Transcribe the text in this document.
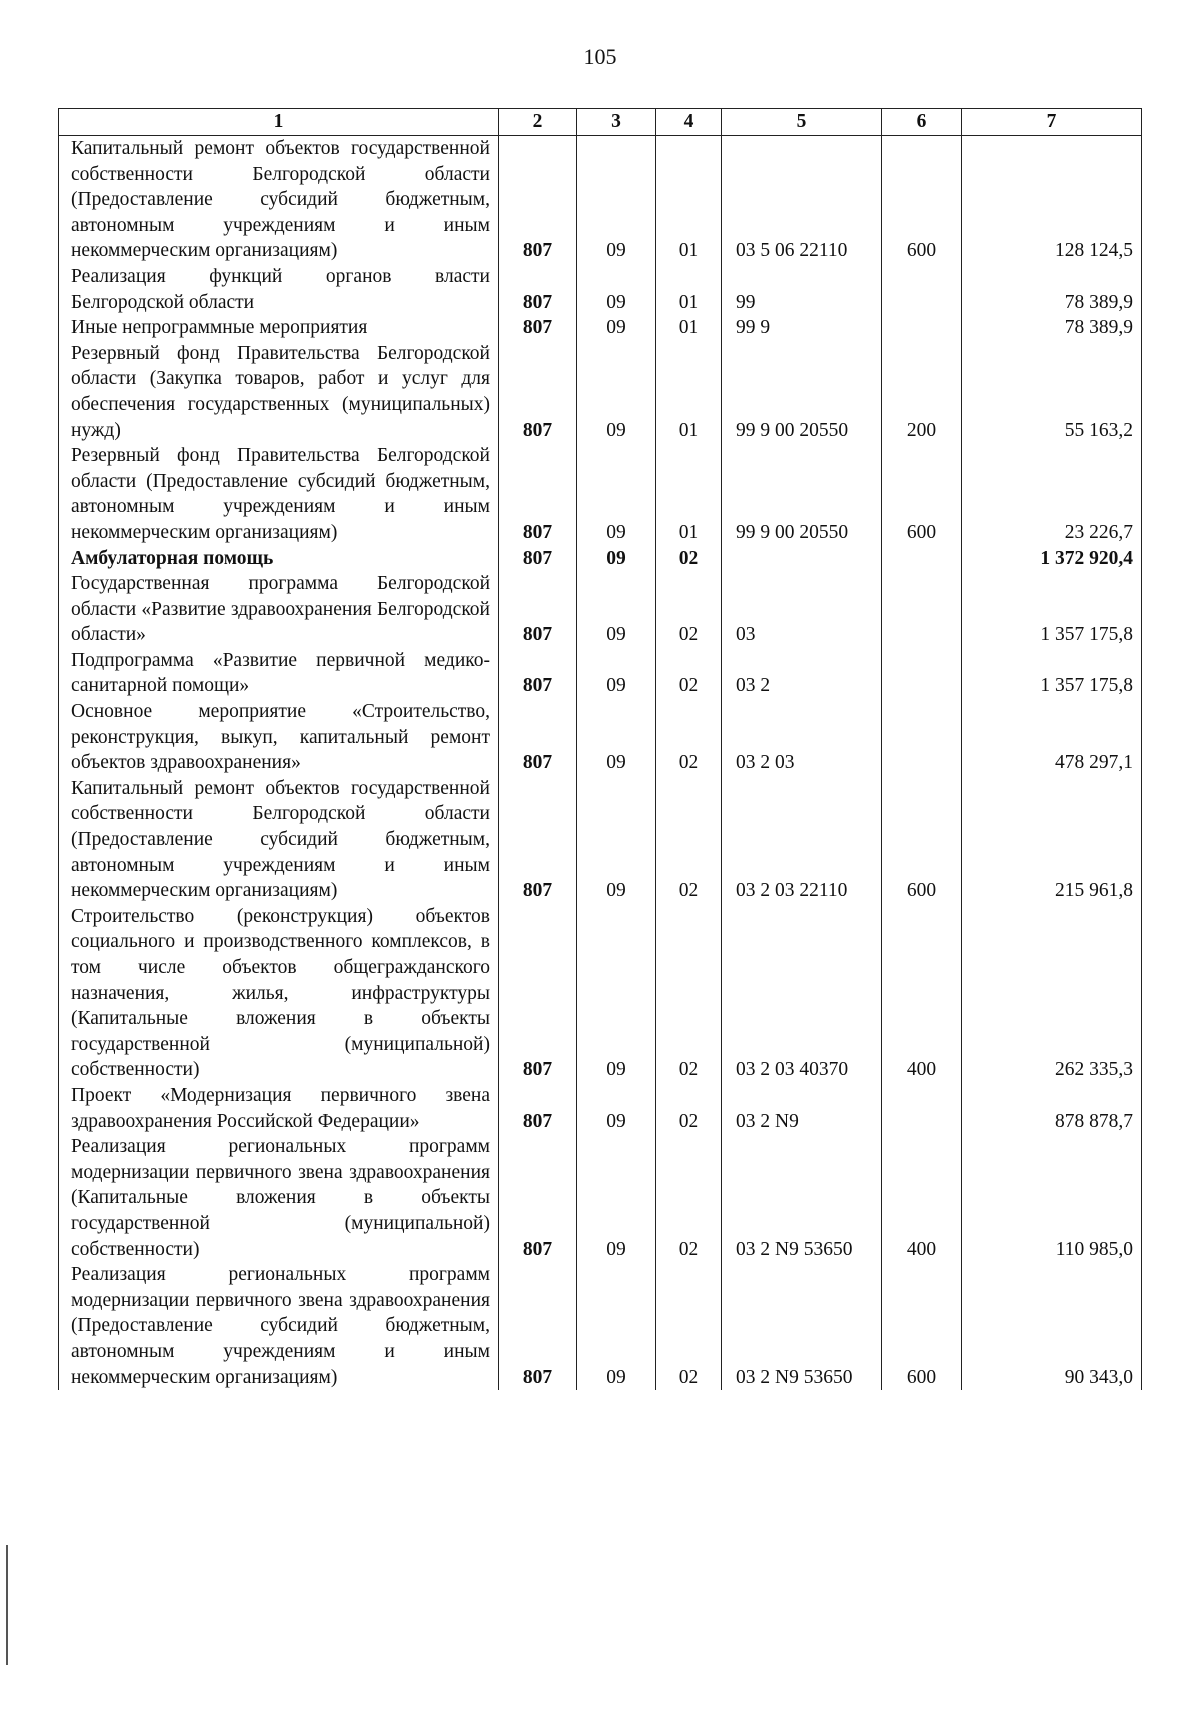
105
1	2	3	4	5	6	7
Капитальный ремонт объектов государственной собственности Белгородской области (Предоставление субсидий бюджетным, автономным учреждениям и иным некоммерческим организациям)	807	09	01	03 5 06 22110	600	128 124,5
Реализация функций органов власти Белгородской области	807	09	01	99		78 389,9
Иные непрограммные мероприятия	807	09	01	99 9		78 389,9
Резервный фонд Правительства Белгородской области (Закупка товаров, работ и услуг для обеспечения государственных (муниципальных) нужд)	807	09	01	99 9 00 20550	200	55 163,2
Резервный фонд Правительства Белгородской области (Предоставление субсидий бюджетным, автономным учреждениям и иным некоммерческим организациям)	807	09	01	99 9 00 20550	600	23 226,7
Амбулаторная помощь	807	09	02			1 372 920,4
Государственная программа Белгородской области «Развитие здравоохранения Белгородской области»	807	09	02	03		1 357 175,8
Подпрограмма «Развитие первичной медико-санитарной помощи»	807	09	02	03 2		1 357 175,8
Основное мероприятие «Строительство, реконструкция, выкуп, капитальный ремонт объектов здравоохранения»	807	09	02	03 2 03		478 297,1
Капитальный ремонт объектов государственной собственности Белгородской области (Предоставление субсидий бюджетным, автономным учреждениям и иным некоммерческим организациям)	807	09	02	03 2 03 22110	600	215 961,8
Строительство (реконструкция) объектов социального и производственного комплексов, в том числе объектов общегражданского назначения, жилья, инфраструктуры (Капитальные вложения в объекты государственной (муниципальной) собственности)	807	09	02	03 2 03 40370	400	262 335,3
Проект «Модернизация первичного звена здравоохранения Российской Федерации»	807	09	02	03 2 N9		878 878,7
Реализация региональных программ модернизации первичного звена здравоохранения (Капитальные вложения в объекты государственной (муниципальной) собственности)	807	09	02	03 2 N9 53650	400	110 985,0
Реализация региональных программ модернизации первичного звена здравоохранения (Предоставление субсидий бюджетным, автономным учреждениям и иным некоммерческим организациям)	807	09	02	03 2 N9 53650	600	90 343,0
